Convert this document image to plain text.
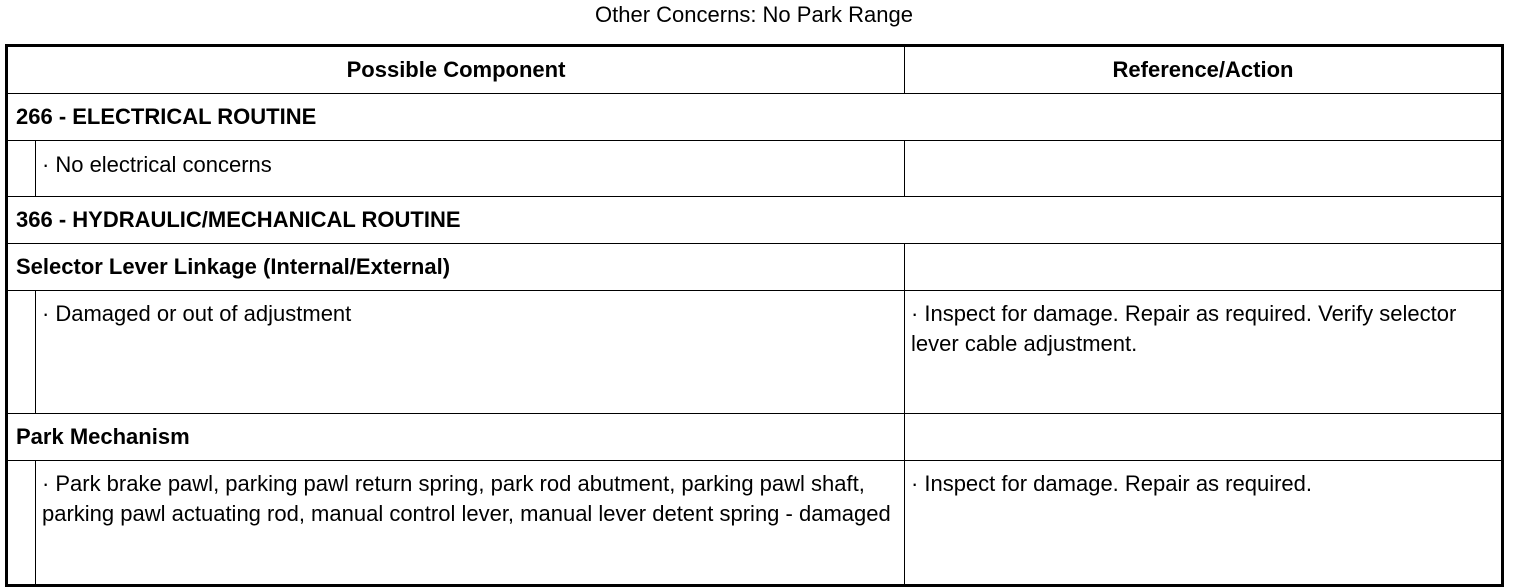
Other Concerns: No Park Range
Possible Component		Reference/Action
266 - ELECTRICAL ROUTINE		
	· No electrical concerns	
366 - HYDRAULIC/MECHANICAL ROUTINE		
Selector Lever Linkage (Internal/External)		
	· Damaged or out of adjustment	· Inspect for damage. Repair as required. Verify selector lever cable adjustment.
Park Mechanism		
	· Park brake pawl, parking pawl return spring, park rod abutment, parking pawl shaft, parking pawl actuating rod, manual control lever, manual lever detent spring - damaged	· Inspect for damage. Repair as required.
